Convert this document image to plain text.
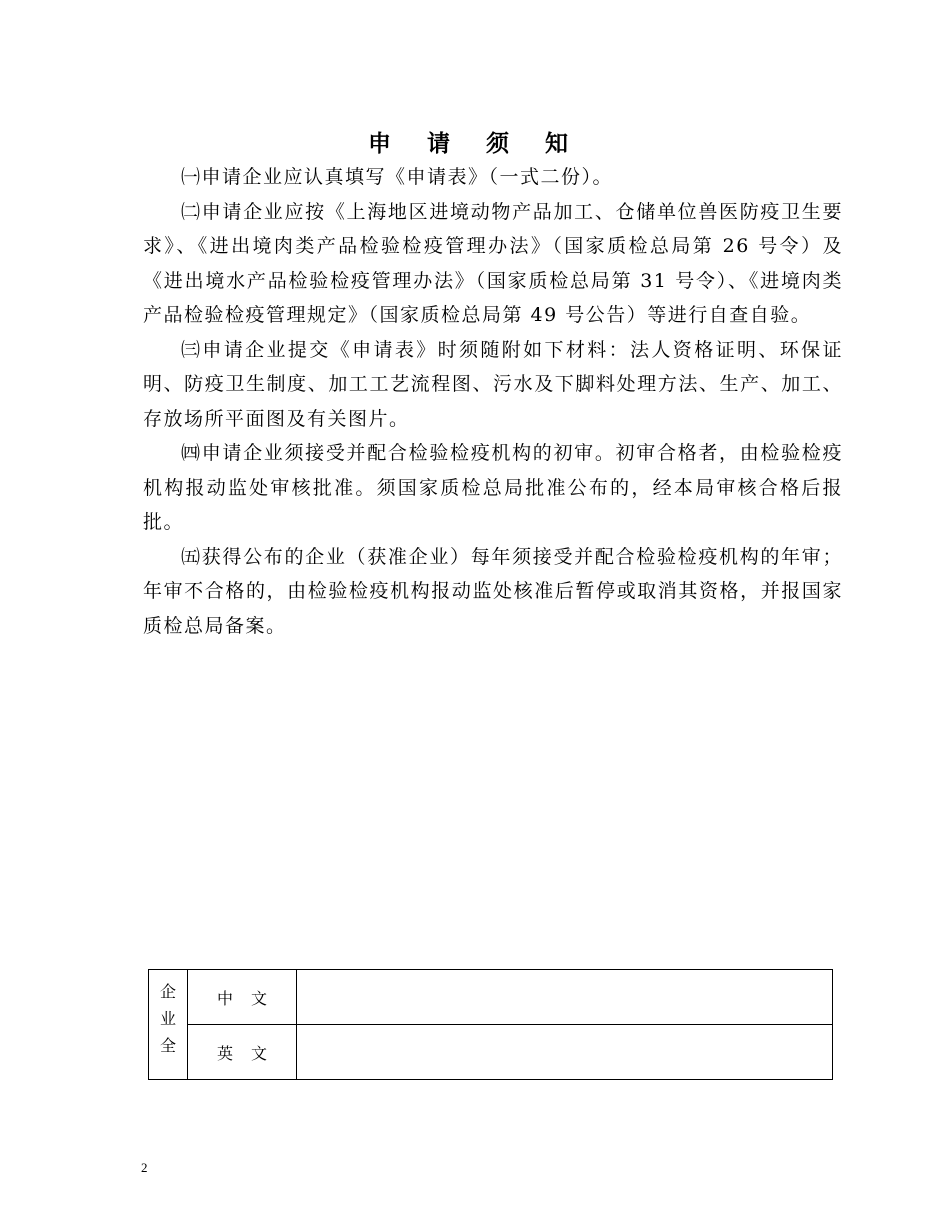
申 请 须 知

㈠申请企业应认真填写《申请表》（一式二份）。

㈡申请企业应按《上海地区进境动物产品加工、仓储单位兽医防疫卫生要求》、《进出境肉类产品检验检疫管理办法》（国家质检总局第 26 号令）及《进出境水产品检验检疫管理办法》（国家质检总局第 31 号令）、《进境肉类产品检验检疫管理规定》（国家质检总局第 49 号公告）等进行自查自验。

㈢申请企业提交《申请表》时须随附如下材料：法人资格证明、环保证明、防疫卫生制度、加工工艺流程图、污水及下脚料处理方法、生产、加工、存放场所平面图及有关图片。

㈣申请企业须接受并配合检验检疫机构的初审。初审合格者，由检验检疫机构报动监处审核批准。须国家质检总局批准公布的，经本局审核合格后报批。

㈤获得公布的企业（获准企业）每年须接受并配合检验检疫机构的年审；年审不合格的，由检验检疫机构报动监处核准后暂停或取消其资格，并报国家质检总局备案。

企业全	中文	
	英文	
2
